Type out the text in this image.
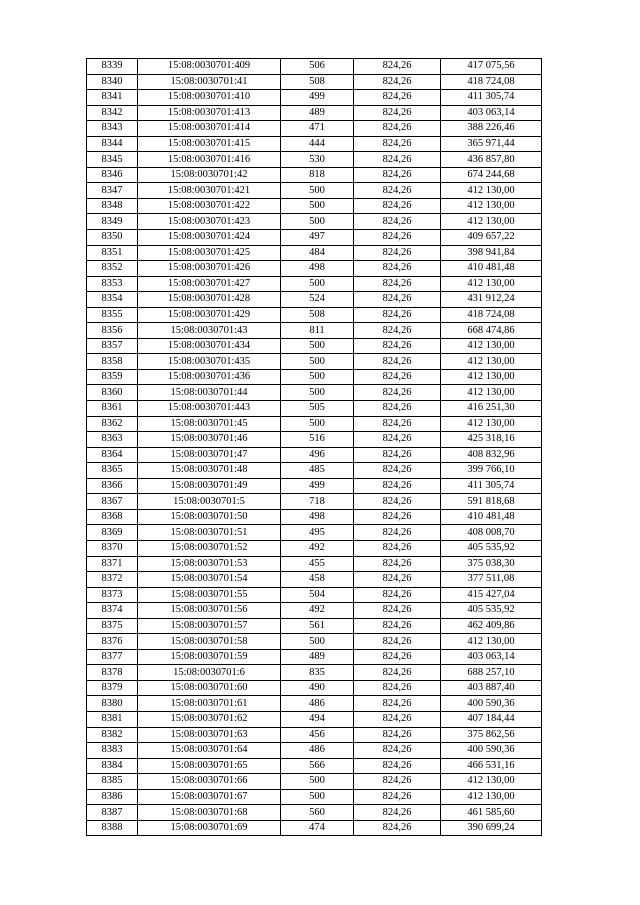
8339	15:08:0030701:409	506	824,26	417 075,56
8340	15:08:0030701:41	508	824,26	418 724,08
8341	15:08:0030701:410	499	824,26	411 305,74
8342	15:08:0030701:413	489	824,26	403 063,14
8343	15:08:0030701:414	471	824,26	388 226,46
8344	15:08:0030701:415	444	824,26	365 971,44
8345	15:08:0030701:416	530	824,26	436 857,80
8346	15:08:0030701:42	818	824,26	674 244,68
8347	15:08:0030701:421	500	824,26	412 130,00
8348	15:08:0030701:422	500	824,26	412 130,00
8349	15:08:0030701:423	500	824,26	412 130,00
8350	15:08:0030701:424	497	824,26	409 657,22
8351	15:08:0030701:425	484	824,26	398 941,84
8352	15:08:0030701:426	498	824,26	410 481,48
8353	15:08:0030701:427	500	824,26	412 130,00
8354	15:08:0030701:428	524	824,26	431 912,24
8355	15:08:0030701:429	508	824,26	418 724,08
8356	15:08:0030701:43	811	824,26	668 474,86
8357	15:08:0030701:434	500	824,26	412 130,00
8358	15:08:0030701:435	500	824,26	412 130,00
8359	15:08:0030701:436	500	824,26	412 130,00
8360	15:08:0030701:44	500	824,26	412 130,00
8361	15:08:0030701:443	505	824,26	416 251,30
8362	15:08:0030701:45	500	824,26	412 130,00
8363	15:08:0030701:46	516	824,26	425 318,16
8364	15:08:0030701:47	496	824,26	408 832,96
8365	15:08:0030701:48	485	824,26	399 766,10
8366	15:08:0030701:49	499	824,26	411 305,74
8367	15:08:0030701:5	718	824,26	591 818,68
8368	15:08:0030701:50	498	824,26	410 481,48
8369	15:08:0030701:51	495	824,26	408 008,70
8370	15:08:0030701:52	492	824,26	405 535,92
8371	15:08:0030701:53	455	824,26	375 038,30
8372	15:08:0030701:54	458	824,26	377 511,08
8373	15:08:0030701:55	504	824,26	415 427,04
8374	15:08:0030701:56	492	824,26	405 535,92
8375	15:08:0030701:57	561	824,26	462 409,86
8376	15:08:0030701:58	500	824,26	412 130,00
8377	15:08:0030701:59	489	824,26	403 063,14
8378	15:08:0030701:6	835	824,26	688 257,10
8379	15:08:0030701:60	490	824,26	403 887,40
8380	15:08:0030701:61	486	824,26	400 590,36
8381	15:08:0030701:62	494	824,26	407 184,44
8382	15:08:0030701:63	456	824,26	375 862,56
8383	15:08:0030701:64	486	824,26	400 590,36
8384	15:08:0030701:65	566	824,26	466 531,16
8385	15:08:0030701:66	500	824,26	412 130,00
8386	15:08:0030701:67	500	824,26	412 130,00
8387	15:08:0030701:68	560	824,26	461 585,60
8388	15:08:0030701:69	474	824,26	390 699,24
